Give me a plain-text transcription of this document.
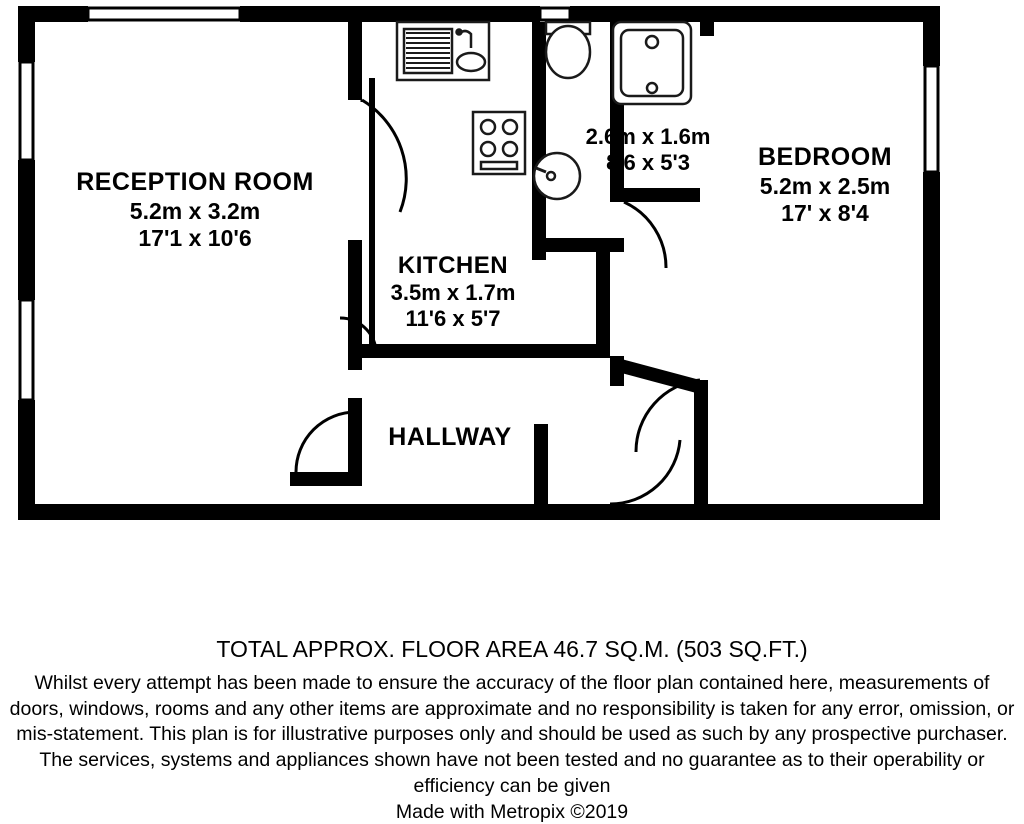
RECEPTION ROOM
5.2m x 3.2m
17'1 x 10'6
KITCHEN
3.5m x 1.7m
11'6 x 5'7
2.6m x 1.6m
8'6 x 5'3	BEDROOM
5.2m x 2.5m
17' x 8'4
HALLWAY
TOTAL APPROX. FLOOR AREA 46.7 SQ.M. (503 SQ.FT.)
Whilst every attempt has been made to ensure the accuracy of the floor plan contained here, measurements of doors, windows, rooms and any other items are approximate and no responsibility is taken for any error, omission, or mis-statement. This plan is for illustrative purposes only and should be used as such by any prospective purchaser. The services, systems and appliances shown have not been tested and no guarantee as to their operability or efficiency can be given
Made with Metropix ©2019
